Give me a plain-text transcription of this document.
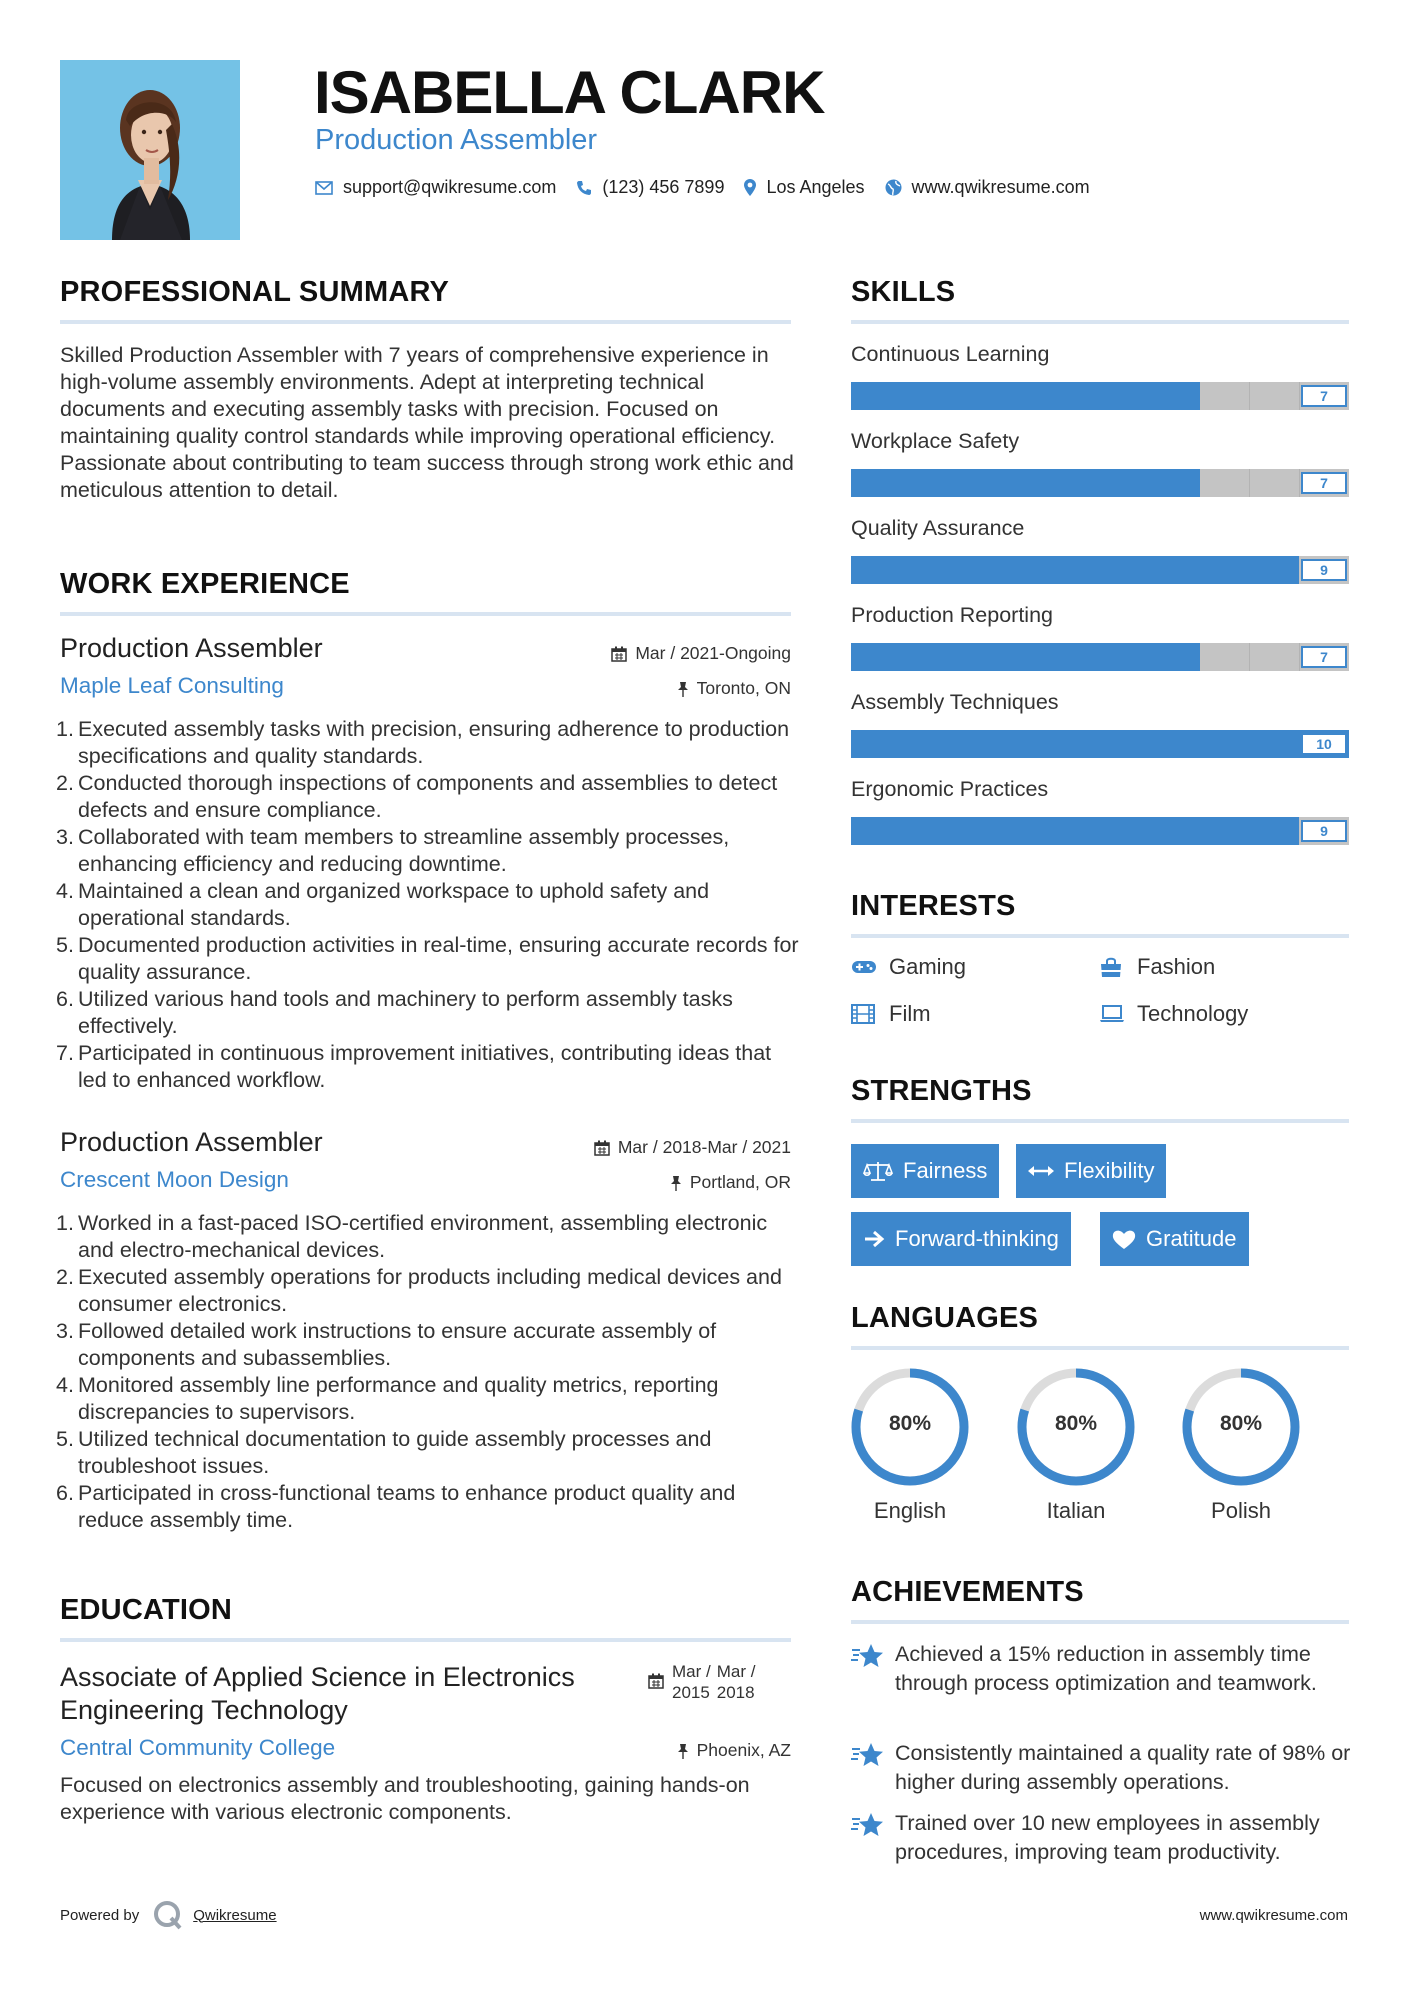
ISABELLA CLARK
Production Assembler
support@qwikresume.com	(123) 456 7899 Los Angeles	www.qwikresume.com
PROFESSIONAL SUMMARY
Skilled Production Assembler with 7 years of comprehensive experience in high-volume assembly environments. Adept at interpreting technical documents and executing assembly tasks with precision. Focused on maintaining quality control standards while improving operational efficiency. Passionate about contributing to team success through strong work ethic and meticulous attention to detail.
WORK EXPERIENCE
Production Assembler	Mar / 2021-Ongoing
Maple Leaf Consulting	Toronto, ON
1. Executed assembly tasks with precision, ensuring adherence to production specifications and quality standards.
2. Conducted thorough inspections of components and assemblies to detect defects and ensure compliance.
3. Collaborated with team members to streamline assembly processes, enhancing efficiency and reducing downtime.
4. Maintained a clean and organized workspace to uphold safety and operational standards.
5. Documented production activities in real-time, ensuring accurate records for quality assurance.
6. Utilized various hand tools and machinery to perform assembly tasks effectively.
7. Participated in continuous improvement initiatives, contributing ideas that led to enhanced workflow.
Production Assembler	Mar / 2018-Mar / 2021
Crescent Moon Design	Portland, OR
1. Worked in a fast-paced ISO-certified environment, assembling electronic and electro-mechanical devices.
2. Executed assembly operations for products including medical devices and consumer electronics.
3. Followed detailed work instructions to ensure accurate assembly of components and subassemblies.
4. Monitored assembly line performance and quality metrics, reporting discrepancies to supervisors.
5. Utilized technical documentation to guide assembly processes and troubleshoot issues.
6. Participated in cross-functional teams to enhance product quality and reduce assembly time.
EDUCATION
Associate of Applied Science in Electronics Engineering Technology
Mar /
2015
Mar /
2018
Central Community College	Phoenix, AZ
Focused on electronics assembly and troubleshooting, gaining hands-on experience with various electronic components.
SKILLS
Continuous Learning
7
Workplace Safety
7
Quality Assurance
9
Production Reporting
7
Assembly Techniques
10
Ergonomic Practices
9
INTERESTS
Gaming	Fashion
Film	Technology
STRENGTHS
Fairness	Flexibility
Forward-thinking	Gratitude
LANGUAGES
80%
English
80%
Italian
80%
Polish
ACHIEVEMENTS
Achieved a 15% reduction in assembly time through process optimization and teamwork.
Consistently maintained a quality rate of 98% or higher during assembly operations.
Trained over 10 new employees in assembly procedures, improving team productivity.
Powered by	Qwikresume	www.qwikresume.com
